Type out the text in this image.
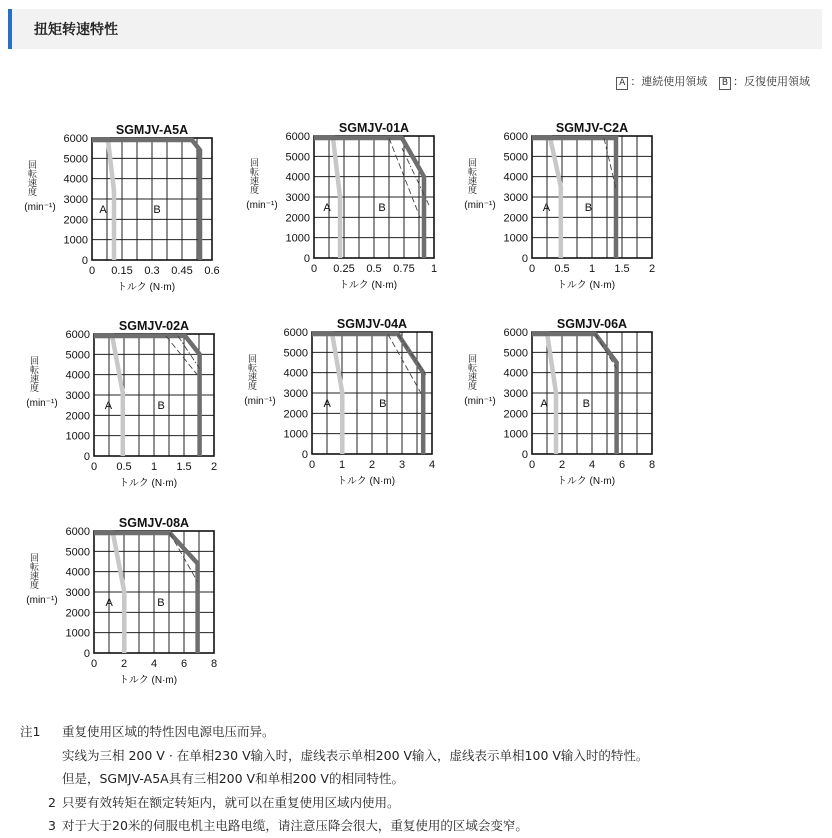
扭矩转速特性
A ：連続使用領域 B ：反復使用領域
SGMJV-A5A
0
1000
2000
3000
4000
5000
6000
0 0.15 0.3 0.45 0.6
トルク (N·m)
回転速度
(min⁻¹)	A	B
SGMJV-01A
0
1000
2000
3000
4000
5000
6000
0 0.25 0.5 0.75 1
トルク (N·m)
回転速度
(min⁻¹)	A	B
SGMJV-C2A
0
1000
2000
3000
4000
5000
6000
0 0.5 1 1.5 2
トルク (N·m)
回転速度
(min⁻¹)	A	B
SGMJV-02A
0
1000
2000
3000
4000
5000
6000
0 0.5 1 1.5 2
トルク (N·m)
回転速度
(min⁻¹)	A	B
SGMJV-04A
0
1000
2000
3000
4000
5000
6000
0 1 2 3 4
トルク (N·m)
回転速度
(min⁻¹)	A	B
SGMJV-06A
0
1000
2000
3000
4000
5000
6000
0 2 4 6 8
トルク (N·m)
回転速度
(min⁻¹)	A	B
SGMJV-08A
0
1000
2000
3000
4000
5000
6000
0 2 4 6 8
トルク (N·m)
回転速度
(min⁻¹)	A	B
注1 重复使用区域的特性因电源电压而异。
实线为三相 200 V · 在单相230 V输入时，虚线表示单相200 V输入，虚线表示单相100 V输入时的特性。
但是，SGMJV-A5A具有三相200 V和单相200 V的相同特性。
2 只要有效转矩在额定转矩内，就可以在重复使用区域内使用。
3 对于大于20米的伺服电机主电路电缆，请注意压降会很大，重复使用的区域会变窄。
